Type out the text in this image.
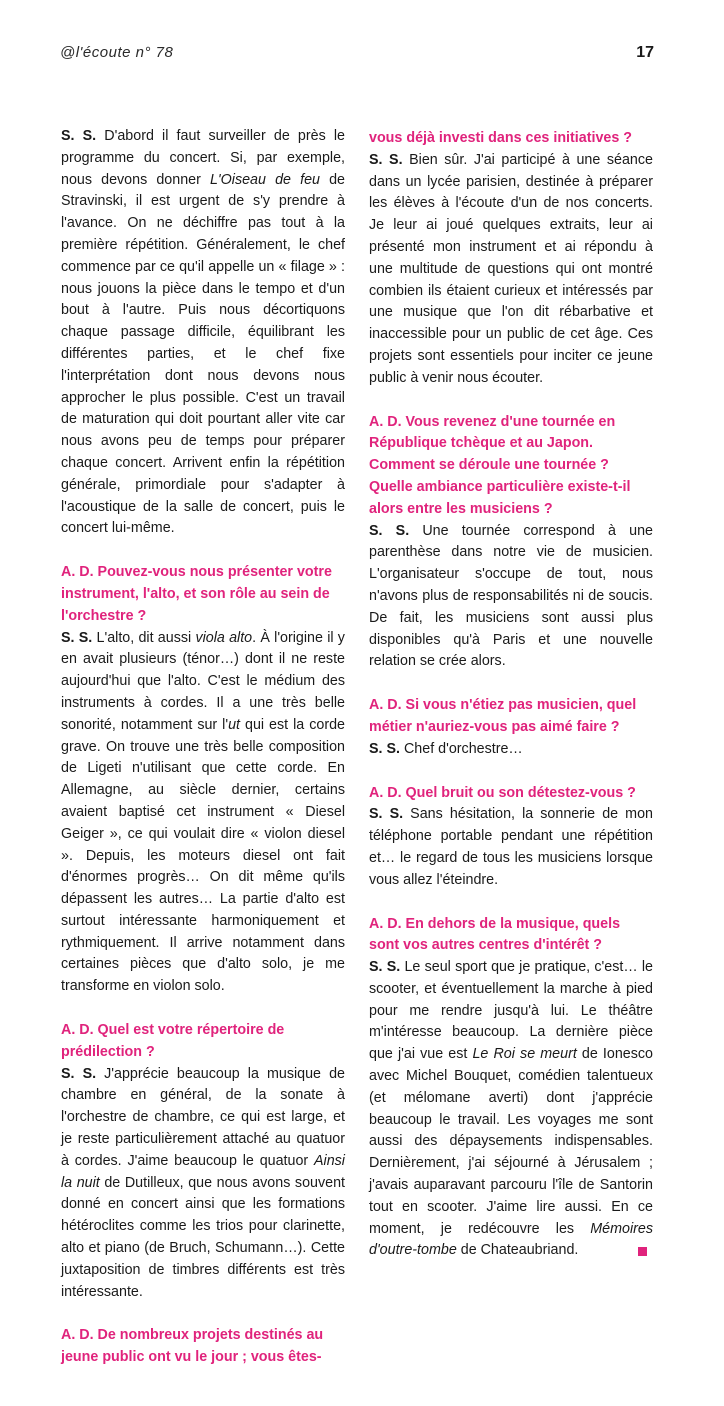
@l'écoute n° 78	17

S. S. D'abord il faut surveiller de près le programme du concert. Si, par exemple, nous devons donner L'Oiseau de feu de Stravinski, il est urgent de s'y prendre à l'avance. On ne déchiffre pas tout à la première répétition. Généralement, le chef commence par ce qu'il appelle un « filage » : nous jouons la pièce dans le tempo et d'un bout à l'autre. Puis nous décortiquons chaque passage difficile, équilibrant les différentes parties, et le chef fixe l'interprétation dont nous devons nous approcher le plus possible. C'est un travail de maturation qui doit pourtant aller vite car nous avons peu de temps pour préparer chaque concert. Arrivent enfin la répétition générale, primordiale pour s'adapter à l'acoustique de la salle de concert, puis le concert lui-même.

A. D. Pouvez-vous nous présenter votre instrument, l'alto, et son rôle au sein de l'orchestre ?

S. S. L'alto, dit aussi viola alto. À l'origine il y en avait plusieurs (ténor…) dont il ne reste aujourd'hui que l'alto. C'est le médium des instruments à cordes. Il a une très belle sonorité, notamment sur l'ut qui est la corde grave. On trouve une très belle composition de Ligeti n'utilisant que cette corde. En Allemagne, au siècle dernier, certains avaient baptisé cet instrument « Diesel Geiger », ce qui voulait dire « violon diesel ». Depuis, les moteurs diesel ont fait d'énormes progrès… On dit même qu'ils dépassent les autres… La partie d'alto est surtout intéressante harmoniquement et rythmiquement. Il arrive notamment dans certaines pièces que d'alto solo, je me transforme en violon solo.

A. D. Quel est votre répertoire de prédilection ?

S. S. J'apprécie beaucoup la musique de chambre en général, de la sonate à l'orchestre de chambre, ce qui est large, et je reste particulièrement attaché au quatuor à cordes. J'aime beaucoup le quatuor Ainsi la nuit de Dutilleux, que nous avons souvent donné en concert ainsi que les formations hétéroclites comme les trios pour clarinette, alto et piano (de Bruch, Schumann…). Cette juxtaposition de timbres différents est très intéressante.

A. D. De nombreux projets destinés au jeune public ont vu le jour ; vous êtes-

vous déjà investi dans ces initiatives ?

S. S. Bien sûr. J'ai participé à une séance dans un lycée parisien, destinée à préparer les élèves à l'écoute d'un de nos concerts. Je leur ai joué quelques extraits, leur ai présenté mon instrument et ai répondu à une multitude de questions qui ont montré combien ils étaient curieux et intéressés par une musique que l'on dit rébarbative et inaccessible pour un public de cet âge. Ces projets sont essentiels pour inciter ce jeune public à venir nous écouter.

A. D. Vous revenez d'une tournée en République tchèque et au Japon. Comment se déroule une tournée ? Quelle ambiance particulière existe-t-il alors entre les musiciens ?

S. S. Une tournée correspond à une parenthèse dans notre vie de musicien. L'organisateur s'occupe de tout, nous n'avons plus de responsabilités ni de soucis. De fait, les musiciens sont aussi plus disponibles qu'à Paris et une nouvelle relation se crée alors.

A. D. Si vous n'étiez pas musicien, quel métier n'auriez-vous pas aimé faire ?

S. S. Chef d'orchestre…

A. D. Quel bruit ou son détestez-vous ?

S. S. Sans hésitation, la sonnerie de mon téléphone portable pendant une répétition et… le regard de tous les musiciens lorsque vous allez l'éteindre.

A. D. En dehors de la musique, quels sont vos autres centres d'intérêt ?

S. S. Le seul sport que je pratique, c'est… le scooter, et éventuellement la marche à pied pour me rendre jusqu'à lui. Le théâtre m'intéresse beaucoup. La dernière pièce que j'ai vue est Le Roi se meurt de Ionesco avec Michel Bouquet, comédien talentueux (et mélomane averti) dont j'apprécie beaucoup le travail. Les voyages me sont aussi des dépaysements indispensables. Dernièrement, j'ai séjourné à Jérusalem ; j'avais auparavant parcouru l'île de Santorin tout en scooter. J'aime lire aussi. En ce moment, je redécouvre les Mémoires d'outre-tombe de Chateaubriand.
